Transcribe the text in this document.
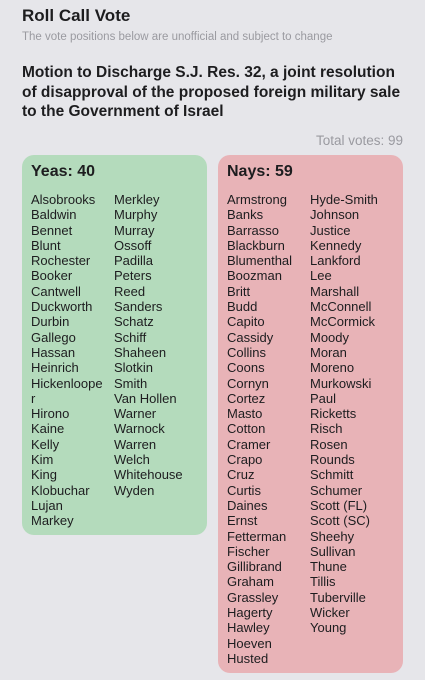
Roll Call Vote
The vote positions below are unofficial and subject to change
Motion to Discharge S.J. Res. 32, a joint resolution of disapproval of the proposed foreign military sale to the Government of Israel
Total votes: 99
Yeas: 40
Alsobrooks
Baldwin
Bennet
Blunt
Rochester
Booker
Cantwell
Duckworth
Durbin
Gallego
Hassan
Heinrich
Hickenloope
r
Hirono
Kaine
Kelly
Kim
King
Klobuchar
Lujan
Markey
Merkley
Murphy
Murray
Ossoff
Padilla
Peters
Reed
Sanders
Schatz
Schiff
Shaheen
Slotkin
Smith
Van Hollen
Warner
Warnock
Warren
Welch
Whitehouse
Wyden
Nays: 59
Armstrong
Banks
Barrasso
Blackburn
Blumenthal
Boozman
Britt
Budd
Capito
Cassidy
Collins
Coons
Cornyn
Cortez
Masto
Cotton
Cramer
Crapo
Cruz
Curtis
Daines
Ernst
Fetterman
Fischer
Gillibrand
Graham
Grassley
Hagerty
Hawley
Hoeven
Husted
Hyde-Smith
Johnson
Justice
Kennedy
Lankford
Lee
Marshall
McConnell
McCormick
Moody
Moran
Moreno
Murkowski
Paul
Ricketts
Risch
Rosen
Rounds
Schmitt
Schumer
Scott (FL)
Scott (SC)
Sheehy
Sullivan
Thune
Tillis
Tuberville
Wicker
Young
